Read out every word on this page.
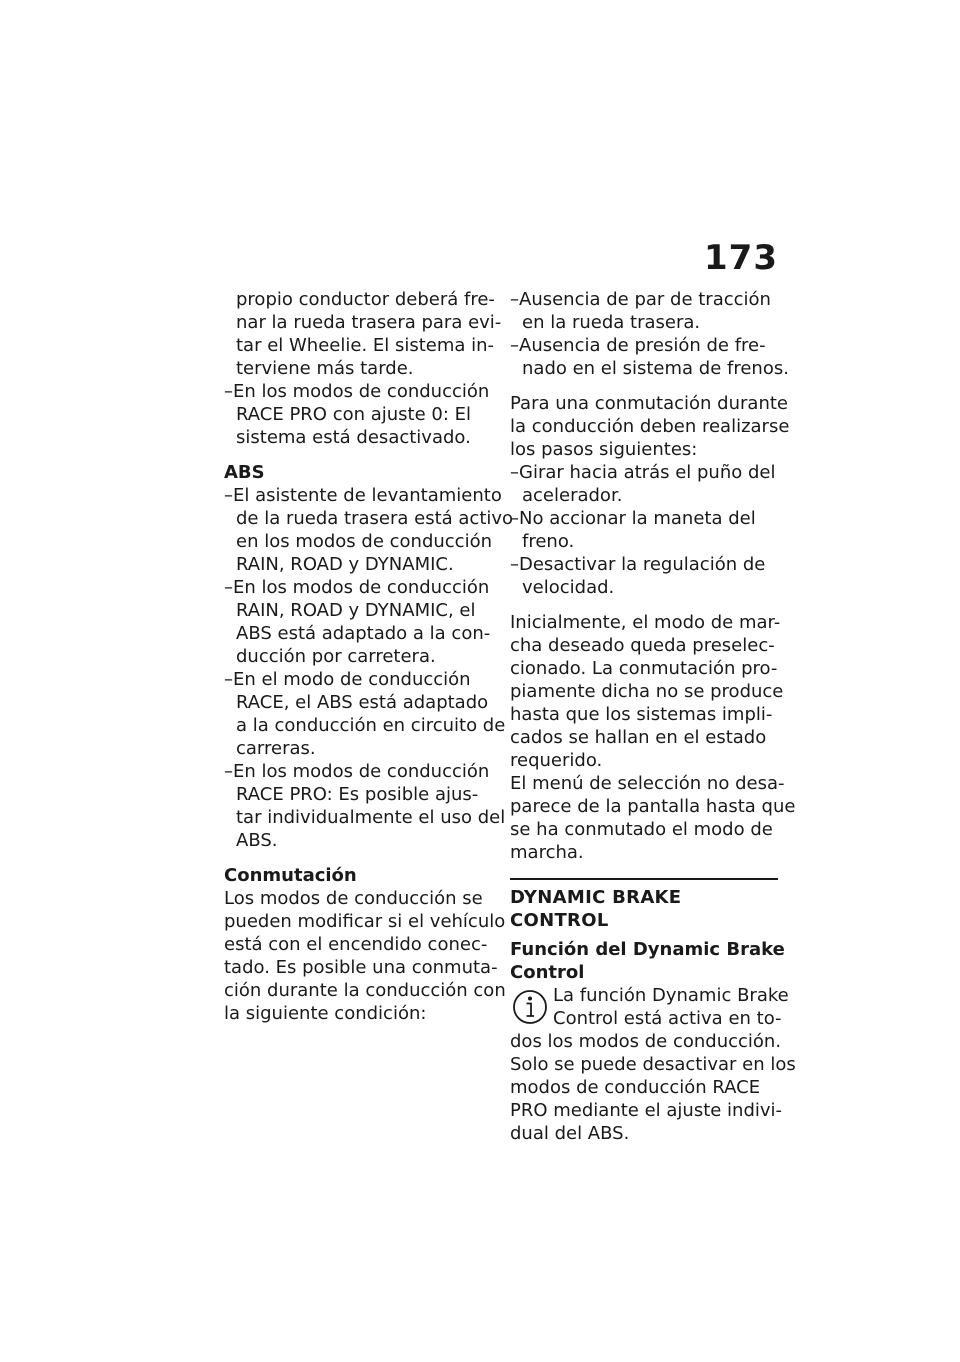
173
propio conductor deberá fre-
nar la rueda trasera para evi-
tar el Wheelie. El sistema in-
terviene más tarde.
–En los modos de conducción
RACE PRO con ajuste 0: El
sistema está desactivado.
ABS
–El asistente de levantamiento
de la rueda trasera está activo
en los modos de conducción
RAIN, ROAD y DYNAMIC.
–En los modos de conducción
RAIN, ROAD y DYNAMIC, el
ABS está adaptado a la con-
ducción por carretera.
–En el modo de conducción
RACE, el ABS está adaptado
a la conducción en circuito de
carreras.
–En los modos de conducción
RACE PRO: Es posible ajus-
tar individualmente el uso del
ABS.
Conmutación
Los modos de conducción se
pueden modificar si el vehículo
está con el encendido conec-
tado. Es posible una conmuta-
ción durante la conducción con
la siguiente condición:
–Ausencia de par de tracción
en la rueda trasera.
–Ausencia de presión de fre-
nado en el sistema de frenos.
Para una conmutación durante
la conducción deben realizarse
los pasos siguientes:
–Girar hacia atrás el puño del
acelerador.
–No accionar la maneta del
freno.
–Desactivar la regulación de
velocidad.
Inicialmente, el modo de mar-
cha deseado queda preselec-
cionado. La conmutación pro-
piamente dicha no se produce
hasta que los sistemas impli-
cados se hallan en el estado
requerido.
El menú de selección no desa-
parece de la pantalla hasta que
se ha conmutado el modo de
marcha.
DYNAMIC BRAKE CONTROL
Función del Dynamic Brake
Control
La función Dynamic Brake
Control está activa en to-
dos los modos de conducción.
Solo se puede desactivar en los
modos de conducción RACE
PRO mediante el ajuste indivi-
dual del ABS.
